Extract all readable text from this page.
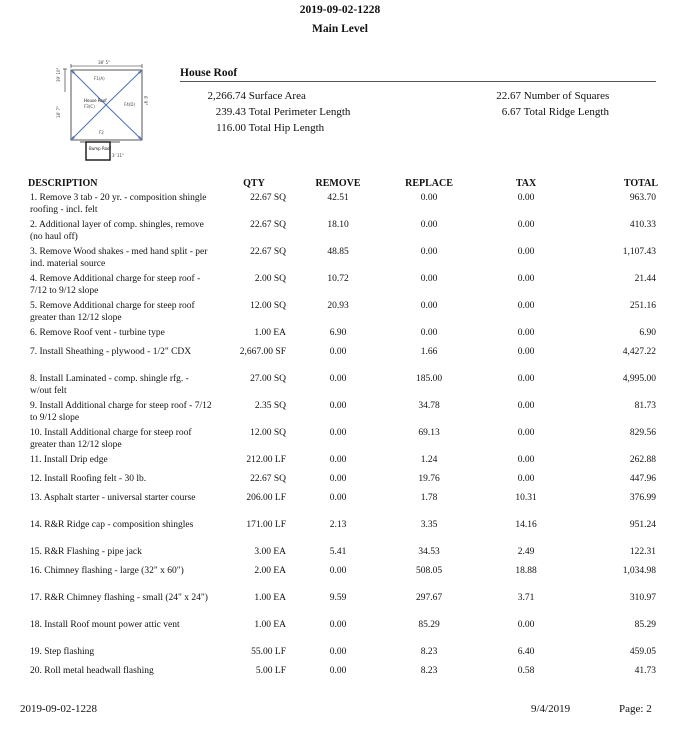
2019-09-02-1228
Main Level
38' 5"
39' 10"
18' 7"
6' 9"
F1(A)
F4(D)
House Roof
F3(C)
F2
Bump Roof
3' 11"
House Roof
2,266.74 Surface Area
239.43 Total Perimeter Length
116.00 Total Hip Length
22.67 Number of Squares
6.67 Total Ridge Length
DESCRIPTION	QTY	REMOVE	REPLACE	TAX	TOTAL
1. Remove 3 tab - 20 yr. - composition shingle roofing - incl. felt	22.67 SQ	42.51	0.00	0.00	963.70
2. Additional layer of comp. shingles, remove (no haul off)	22.67 SQ	18.10	0.00	0.00	410.33
3. Remove Wood shakes - med hand split - per ind. material source	22.67 SQ	48.85	0.00	0.00	1,107.43
4. Remove Additional charge for steep roof - 7/12 to 9/12 slope	2.00 SQ	10.72	0.00	0.00	21.44
5. Remove Additional charge for steep roof greater than 12/12 slope	12.00 SQ	20.93	0.00	0.00	251.16
6. Remove Roof vent - turbine type	1.00 EA	6.90	0.00	0.00	6.90
7. Install Sheathing - plywood - 1/2" CDX	2,667.00 SF	0.00	1.66	0.00	4,427.22
8. Install Laminated - comp. shingle rfg. - w/out felt	27.00 SQ	0.00	185.00	0.00	4,995.00
9. Install Additional charge for steep roof - 7/12 to 9/12 slope	2.35 SQ	0.00	34.78	0.00	81.73
10. Install Additional charge for steep roof greater than 12/12 slope	12.00 SQ	0.00	69.13	0.00	829.56
11. Install Drip edge	212.00 LF	0.00	1.24	0.00	262.88
12. Install Roofing felt - 30 lb.	22.67 SQ	0.00	19.76	0.00	447.96
13. Asphalt starter - universal starter course	206.00 LF	0.00	1.78	10.31	376.99
14. R&R Ridge cap - composition shingles	171.00 LF	2.13	3.35	14.16	951.24
15. R&R Flashing - pipe jack	3.00 EA	5.41	34.53	2.49	122.31
16. Chimney flashing - large (32" x 60")	2.00 EA	0.00	508.05	18.88	1,034.98
17. R&R Chimney flashing - small (24" x 24")	1.00 EA	9.59	297.67	3.71	310.97
18. Install Roof mount power attic vent	1.00 EA	0.00	85.29	0.00	85.29
19. Step flashing	55.00 LF	0.00	8.23	6.40	459.05
20. Roll metal headwall flashing	5.00 LF	0.00	8.23	0.58	41.73
2019-09-02-1228	9/4/2019	Page: 2
